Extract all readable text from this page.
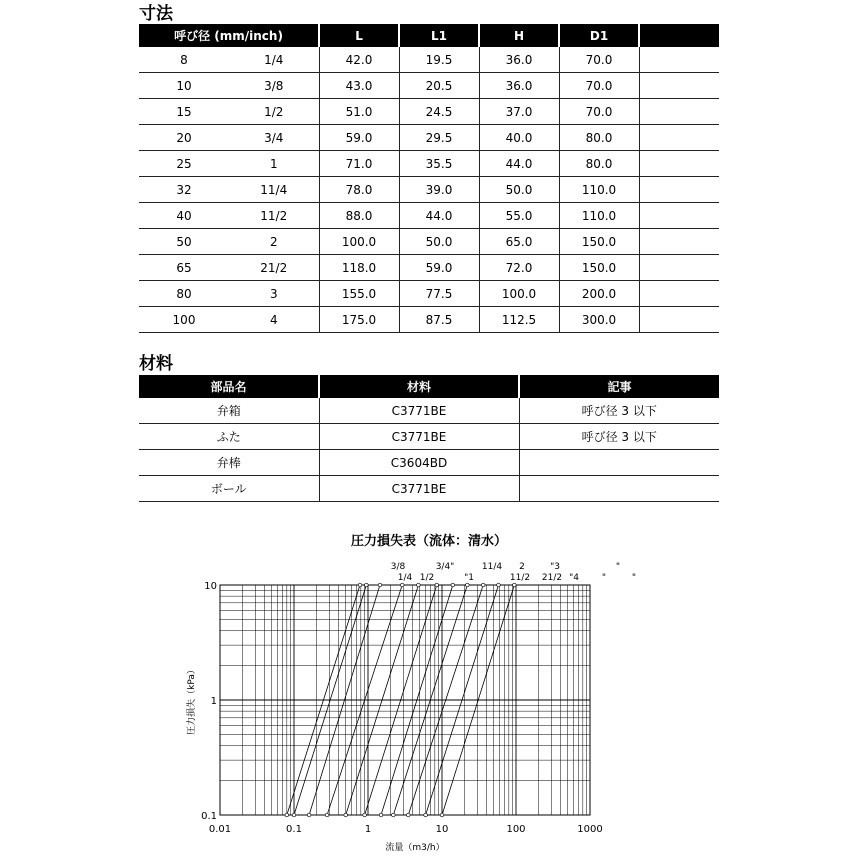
寸法
呼び径 (mm/inch)		L	L1	H	D1	
8	1/4	42.0	19.5	36.0	70.0	
10	3/8	43.0	20.5	36.0	70.0	
15	1/2	51.0	24.5	37.0	70.0	
20	3/4	59.0	29.5	40.0	80.0	
25	1	71.0	35.5	44.0	80.0	
32	11/4	78.0	39.0	50.0	110.0	
40	11/2	88.0	44.0	55.0	110.0	
50	2	100.0	50.0	65.0	150.0	
65	21/2	118.0	59.0	72.0	150.0	
80	3	155.0	77.5	100.0	200.0	
100	4	175.0	87.5	112.5	300.0	
材料
部品名	材料	記事
弁箱	C3771BE	呼び径 3 以下
ふた	C3771BE	呼び径 3 以下
弁棒	C3604BD	
ボール	C3771BE	
圧力損失表（流体：清水）
0.01	0.1	1	10	100	1000
0.1
1
10
3/8	3/4"	11/4 2	"3	"
1/4 1/2	"1	11/2 21/2 "4	"	"
流量（m3/h）
圧力損失（kPa）
